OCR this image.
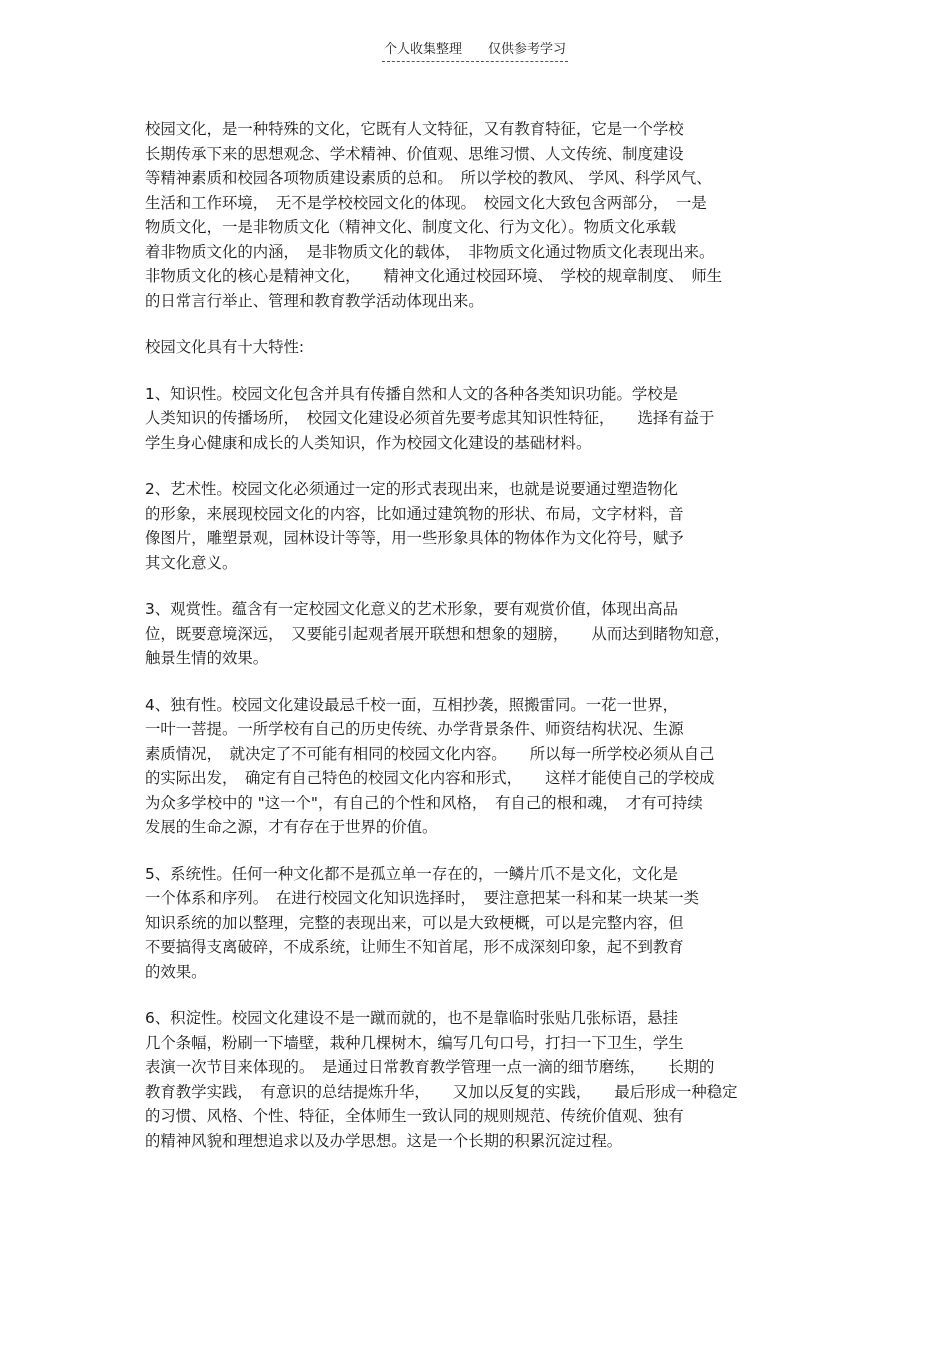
个人收集整理 仅供参考学习

校园文化，是一种特殊的文化，它既有人文特征，又有教育特征，它是一个学校
长期传承下来的思想观念、学术精神、价值观、思维习惯、人文传统、制度建设
等精神素质和校园各项物质建设素质的总和。　所以学校的教风、 学风、科学风气、
生活和工作环境，　无不是学校校园文化的体现。　校园文化大致包含两部分，　一是
物质文化，一是非物质文化（精神文化、制度文化、行为文化）。物质文化承载
着非物质文化的内涵，　是非物质文化的载体，　非物质文化通过物质文化表现出来。
非物质文化的核心是精神文化，　　精神文化通过校园环境、　学校的规章制度、　师生
的日常言行举止、管理和教育教学活动体现出来。

校园文化具有十大特性:

1、知识性。校园文化包含并具有传播自然和人文的各种各类知识功能。学校是
人类知识的传播场所，　校园文化建设必须首先要考虑其知识性特征，　　选择有益于
学生身心健康和成长的人类知识，作为校园文化建设的基础材料。

2、艺术性。校园文化必须通过一定的形式表现出来，也就是说要通过塑造物化
的形象，来展现校园文化的内容，比如通过建筑物的形状、布局，文字材料，音
像图片，雕塑景观，园林设计等等，用一些形象具体的物体作为文化符号，赋予
其文化意义。

3、观赏性。蕴含有一定校园文化意义的艺术形象，要有观赏价值，体现出高品
位，既要意境深远，　又要能引起观者展开联想和想象的翅膀，　　从而达到睹物知意，
触景生情的效果。

4、独有性。校园文化建设最忌千校一面，互相抄袭，照搬雷同。一花一世界，
一叶一菩提。一所学校有自己的历史传统、办学背景条件、师资结构状况、生源
素质情况，　就决定了不可能有相同的校园文化内容。　　所以每一所学校必须从自己
的实际出发，　确定有自己特色的校园文化内容和形式，　　这样才能使自己的学校成
为众多学校中的 "这一个"，有自己的个性和风格，　有自己的根和魂，　才有可持续
发展的生命之源，才有存在于世界的价值。

5、系统性。任何一种文化都不是孤立单一存在的，一鳞片爪不是文化，文化是
一个体系和序列。　在进行校园文化知识选择时，　要注意把某一科和某一块某一类
知识系统的加以整理，完整的表现出来，可以是大致梗概，可以是完整内容，但
不要搞得支离破碎，不成系统，让师生不知首尾，形不成深刻印象，起不到教育
的效果。

6、积淀性。校园文化建设不是一蹴而就的，也不是靠临时张贴几张标语，悬挂
几个条幅，粉刷一下墙壁，栽种几棵树木，编写几句口号，打扫一下卫生，学生
表演一次节目来体现的。　是通过日常教育教学管理一点一滴的细节磨练，　　长期的
教育教学实践，　有意识的总结提炼升华，　　又加以反复的实践，　　最后形成一种稳定
的习惯、风格、个性、特征，全体师生一致认同的规则规范、传统价值观、独有
的精神风貌和理想追求以及办学思想。这是一个长期的积累沉淀过程。
